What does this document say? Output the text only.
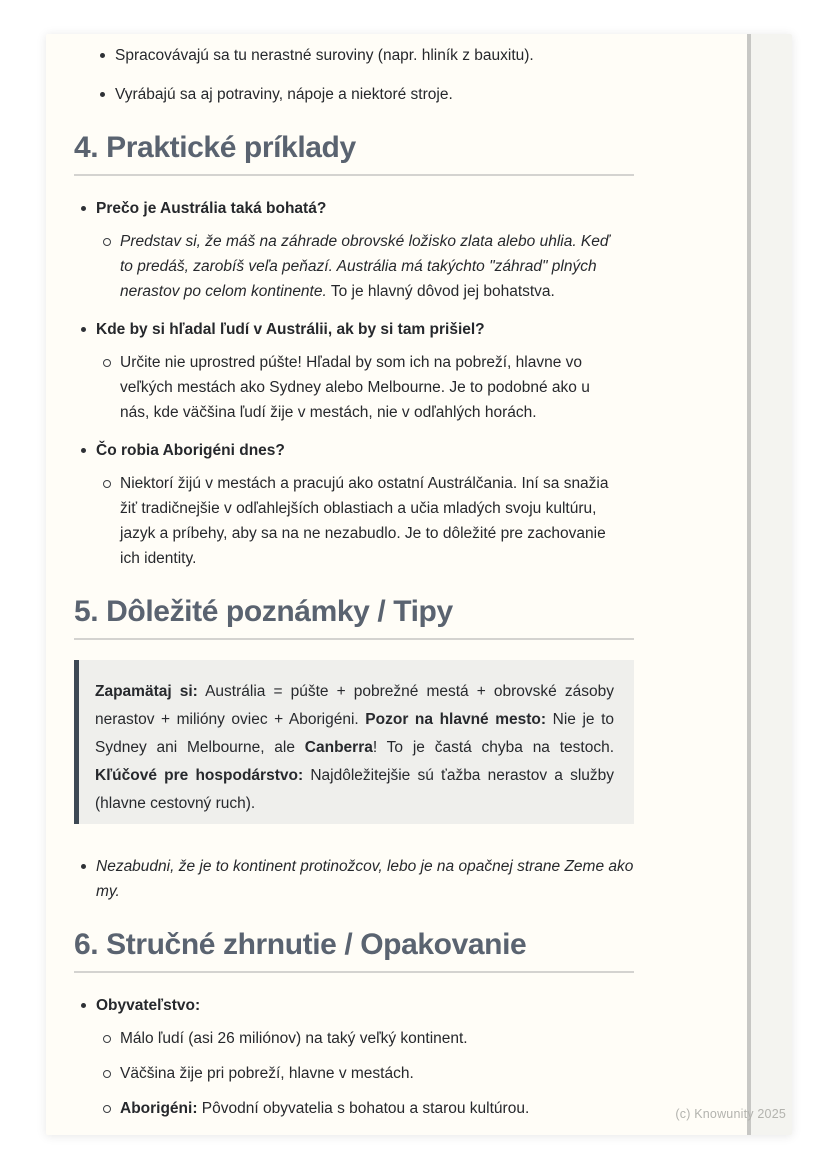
Spracovávajú sa tu nerastné suroviny (napr. hliník z bauxitu).
Vyrábajú sa aj potraviny, nápoje a niektoré stroje.
4. Praktické príklady
Prečo je Austrália taká bohatá?

Predstav si, že máš na záhrade obrovské ložisko zlata alebo uhlia. Keď to predáš, zarobíš veľa peňazí. Austrália má takýchto "záhrad" plných nerastov po celom kontinente. To je hlavný dôvod jej bohatstva.

Kde by si hľadal ľudí v Austrálii, ak by si tam prišiel?

Určite nie uprostred púšte! Hľadal by som ich na pobreží, hlavne vo veľkých mestách ako Sydney alebo Melbourne. Je to podobné ako u nás, kde väčšina ľudí žije v mestách, nie v odľahlých horách.

Čo robia Aborigéni dnes?

Niektorí žijú v mestách a pracujú ako ostatní Austrálčania. Iní sa snažia žiť tradičnejšie v odľahlejších oblastiach a učia mladých svoju kultúru, jazyk a príbehy, aby sa na ne nezabudlo. Je to dôležité pre zachovanie ich identity.

5. Dôležité poznámky / Tipy

Zapamätaj si: Austrália = púšte + pobrežné mestá + obrovské zásoby nerastov + milióny oviec + Aborigéni. Pozor na hlavné mesto: Nie je to Sydney ani Melbourne, ale Canberra! To je častá chyba na testoch. Kľúčové pre hospodárstvo: Najdôležitejšie sú ťažba nerastov a služby (hlavne cestovný ruch).

Nezabudni, že je to kontinent protinožcov, lebo je na opačnej strane Zeme ako my.

6. Stručné zhrnutie / Opakovanie
Obyvateľstvo:
Málo ľudí (asi 26 miliónov) na taký veľký kontinent.
Väčšina žije pri pobreží, hlavne v mestách.
Aborigéni: Pôvodní obyvatelia s bohatou a starou kultúrou.	(c) Knowunity 2025
